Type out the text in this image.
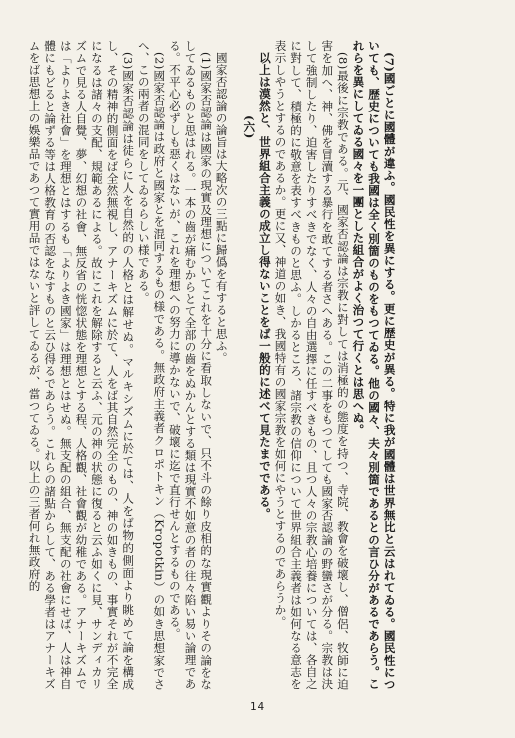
(7)國ごとに國體が違ふ。國民性を異にする。更に歴史が異る。特に我が國體は世界無比と云はれてゐる。國民性についても、歴史についても我國は全く別箇のものをもつてゐる。他の國々、夫々別箇であるとの言ひ分があるであらう。これらを異にしてゐる國々を一團とした組合がよく治つて行くとは思へぬ。

(8)最後に宗教である。元、國家否認論は宗教に對しては消極的の態度を持つ、寺院、教會を破壞し、僧侶、牧師に迫害を加へ、神、佛を冒瀆する暴行を敢てする者さへある。この二事をもつてしても國家否認論の野蠻さが分る。宗教は決して強制したり、迫害したりすべきでなく、人々の自由選擇に任すべきもの、且つ人々の宗教心培養については、各自之に對して、積極的に敬意を表すべきものと思ふ。しかるところ、諸宗教の信仰について世界組合主義者は如何なる意志を表示しやうとするのであるか。更に又、神道の如き、我國特有の國家宗教を如何にやうとするのであらうか。

以上は漠然と、世界組合主義の成立し得ないことをば一般的に述べて見たまでである。

(六)

國家否認論の論旨は大略次の三點に歸僞を有すると思ふ。

(1)國家否認論は國家の現實及理想についてこれを十分に看取しないで、只不斗の餘り皮相的な現實觀よりその論をなしてゐるものと思はれる。一本の齒が痛むからとて全部の齒をぬかんとする類は現實不如意の者の往々陷い易い論理である。不平心必ずしも惡くはないが、これを理想への努力に導かないで、破壞に迄で直行せんとするものである。

(2)國家否認論は政府と國家とを混同するもの様である。無政府主義者クロポトキン（Kropotkin）の如き思想家でさへ、この兩者の混同をしてゐるらしい様である。

(3)國家否認論は徒らに人を自然的の人格とは解せぬ。マルキシズムに於ては、人をば物的側面より眺めて論を構成し、その精神的側面をば全然無視し、アナーキズムに於て、人をば其自然完全のもの、神の如きもの、事實それが不完全になるは諸々の支配、規範あるによる。故にこれを解除すると云ふ、元の神の状態に復ると云ふ如くに見、サンディカリズムで見る人自覺、夢、幻想の社會、無反省の恍惚状態を理想とする程、人格觀、社會觀が幼稚である。アナーキズムでは「よりよき社會」を理想とはするも「よりよき國家」は理想とはせぬ。無支配の組合、無支配の社會にせば、人は神自體にもどると論ずる等は人格教育の否認をなすものと云ひ得るであらう。これらの諸點からして、ある學者はアナーキズムをば思想上の娛樂品であつて實用品ではないと評してゐるが、當つてゐる。以上の三者何れ無政府的

14
